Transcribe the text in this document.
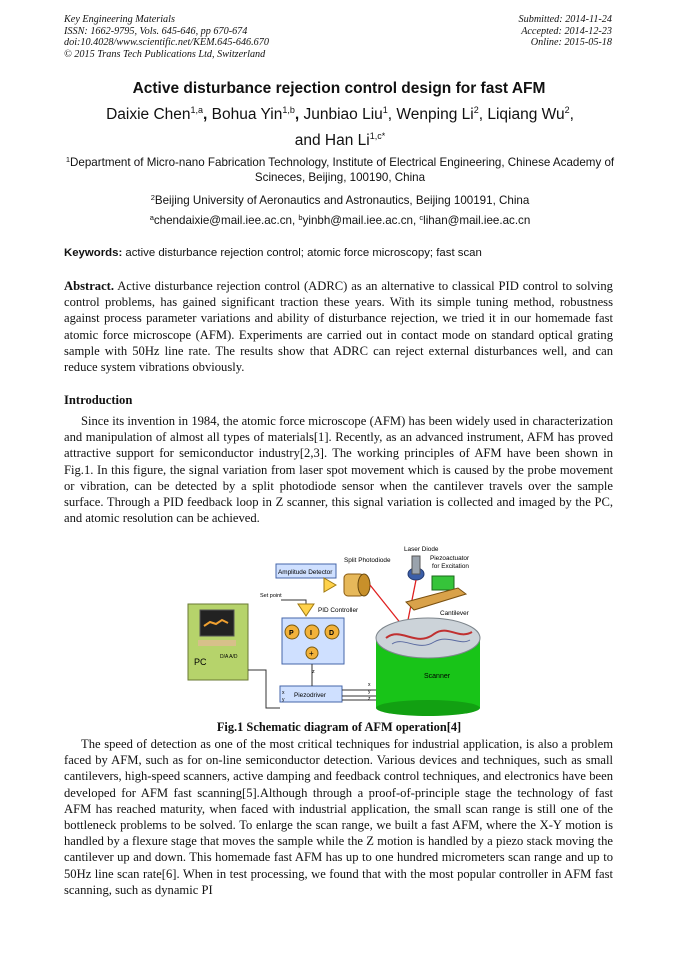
Key Engineering Materials
ISSN: 1662-9795, Vols. 645-646, pp 670-674
doi:10.4028/www.scientific.net/KEM.645-646.670
© 2015 Trans Tech Publications Ltd, Switzerland
Submitted: 2014-11-24
Accepted: 2014-12-23
Online: 2015-05-18
Active disturbance rejection control design for fast AFM
Daixie Chen$^{1,a}$, Bohua Yin$^{1,b}$, Junbiao Liu$^1$, Wenping Li$^2$, Liqiang Wu$^2$,
and Han $Li^{1,c*}$
$^1$Department of Micro-nano Fabrication Technology, Institute of Electrical Engineering, Chinese Academy of Scineces, Beijing, 100190, China
$^2$Beijing University of Aeronautics and Astronautics, Beijing 100191, China
$^a$chendaixie@mail.iee.ac.cn, $^b$yinbh@mail.iee.ac.cn, $^c$lihan@mail.iee.ac.cn
Keywords: active disturbance rejection control; atomic force microscopy; fast scan

Abstract. Active disturbance rejection control (ADRC) as an alternative to classical PID control to solving control problems, has gained significant traction these years. With its simple tuning method, robustness against process parameter variations and ability of disturbance rejection, we tried it in our homemade fast atomic force microscope (AFM). Experiments are carried out in contact mode on standard optical grating sample with 50Hz line rate. The results show that ADRC can reject external disturbances well, and can reduce system vibrations obviously.

Introduction

Since its invention in 1984, the atomic force microscope (AFM) has been widely used in characterization and manipulation of almost all types of materials[1]. Recently, as an advanced instrument, AFM has proved attractive support for semiconductor industry[2,3]. The working principles of AFM have been shown in Fig.1. In this figure, the signal variation from laser spot movement which is caused by the probe movement or vibration, can be detected by a split photodiode sensor when the cantilever travels over the sample surface. Through a PID feedback loop in Z scanner, this signal variation is collected and imaged by the PC, and atomic resolution can be achieved.

PC	D/A A/D
Amplitude Detector
Set point
PID Controller
P I D
+
z
Piezodriver
x
y
x
y
z
Split Photodiode
Laser Diode
Piezoactuator
for Excitation
Cantilever
Scanner
Fig.1 Schematic diagram of AFM operation[4]

The speed of detection as one of the most critical techniques for industrial application, is also a problem faced by AFM, such as for on-line semiconductor detection. Various devices and techniques, such as small cantilevers, high-speed scanners, active damping and feedback control techniques, and electronics have been developed for AFM fast scanning[5].Although through a proof-of-principle stage the technology of fast AFM has reached maturity, when faced with industrial application, the small scan range is still one of the bottleneck problems to be solved. To enlarge the scan range, we built a fast AFM, where the X-Y motion is handled by a flexure stage that moves the sample while the Z motion is handled by a piezo stack moving the cantilever up and down. This homemade fast AFM has up to one hundred micrometers scan range and up to 50Hz line scan rate[6]. When in test processing, we found that with the most popular controller in AFM fast scanning, such as dynamic PI
